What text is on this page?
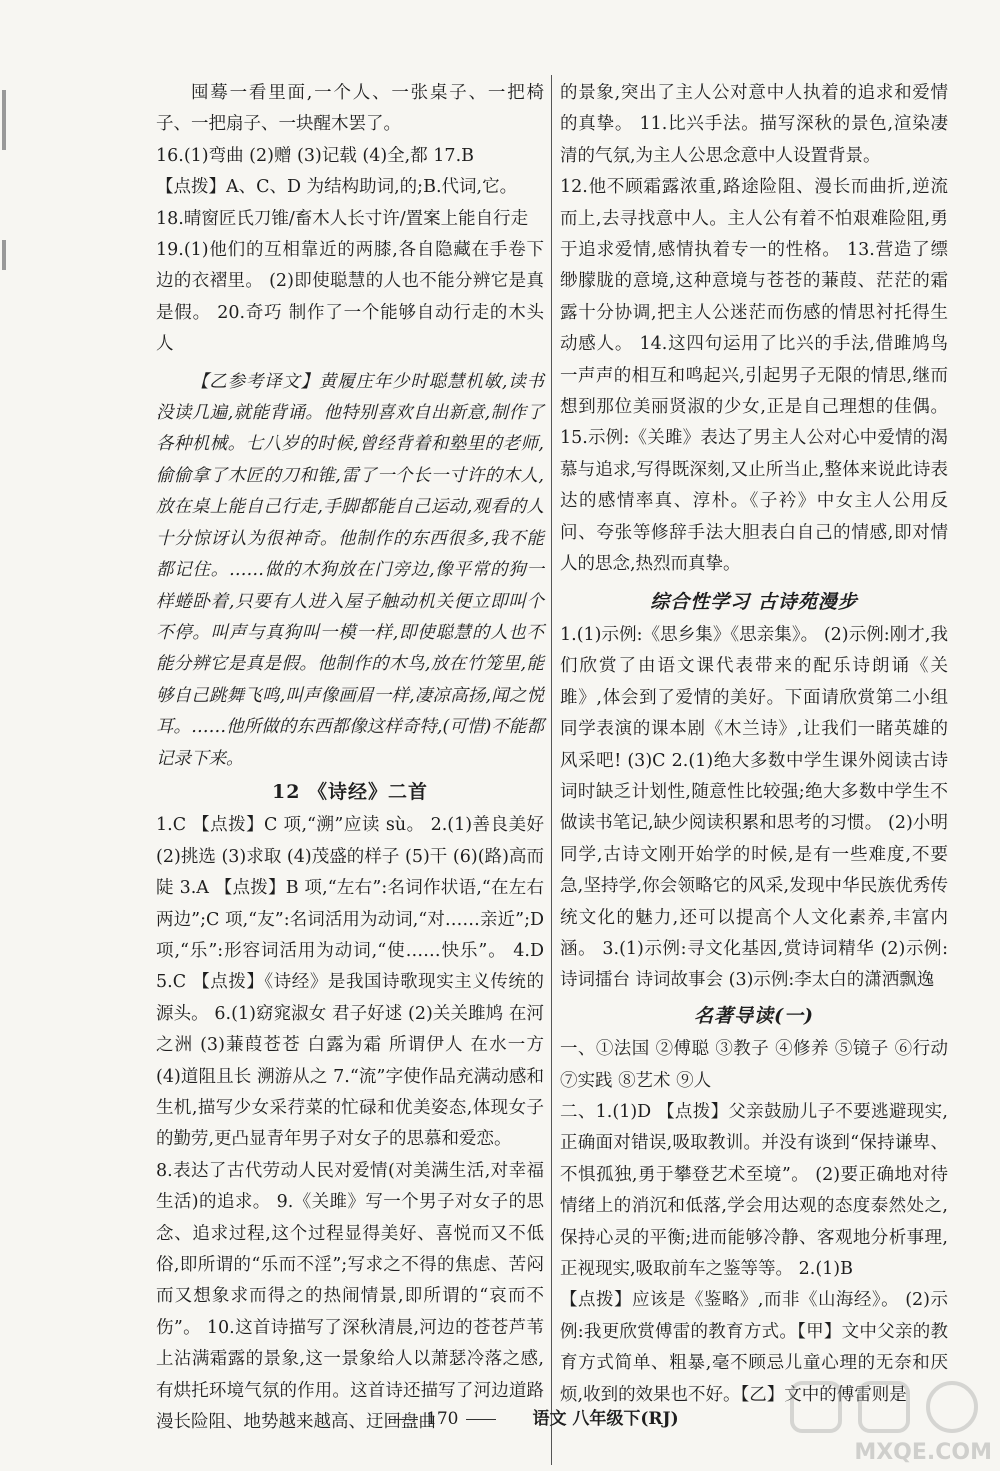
囤蓦一看里面,一个人、一张桌子、一把椅子、一把扇子、一块醒木罢了。

16.(1)弯曲 (2)赠 (3)记载 (4)全,都 17.B

【点拨】A、C、D 为结构助词,的;B.代词,它。

18.晴窗匠氏刀锥/畜木人长寸许/置案上能自行走

19.(1)他们的互相靠近的两膝,各自隐藏在手卷下边的衣褶里。 (2)即使聪慧的人也不能分辨它是真是假。 20.奇巧 制作了一个能够自动行走的木头人

【乙参考译文】黄履庄年少时聪慧机敏,读书没读几遍,就能背诵。他特别喜欢自出新意,制作了各种机械。七八岁的时候,曾经背着和塾里的老师,偷偷拿了木匠的刀和锥,雷了一个长一寸许的木人,放在桌上能自己行走,手脚都能自己运动,观看的人十分惊讶认为很神奇。他制作的东西很多,我不能都记住。……做的木狗放在门旁边,像平常的狗一样蜷卧着,只要有人进入屋子触动机关便立即叫个不停。叫声与真狗叫一模一样,即使聪慧的人也不能分辨它是真是假。他制作的木鸟,放在竹笼里,能够自己跳舞飞鸣,叫声像画眉一样,凄凉高扬,闻之悦耳。……他所做的东西都像这样奇特,(可惜)不能都记录下来。

12 《诗经》二首

1.C 【点拨】C 项,“溯”应读 sù。 2.(1)善良美好 (2)挑选 (3)求取 (4)茂盛的样子 (5)干 (6)(路)高而陡 3.A 【点拨】B 项,“左右”:名词作状语,“在左右两边”;C 项,“友”:名词活用为动词,“对……亲近”;D 项,“乐”:形容词活用为动词,“使……快乐”。 4.D 5.C 【点拨】《诗经》是我国诗歌现实主义传统的源头。 6.(1)窈窕淑女 君子好逑 (2)关关雎鸠 在河之洲 (3)蒹葭苍苍 白露为霜 所谓伊人 在水一方 (4)道阻且长 溯游从之 7.“流”字使作品充满动感和生机,描写少女采荇菜的忙碌和优美姿态,体现女子的勤劳,更凸显青年男子对女子的思慕和爱恋。

8.表达了古代劳动人民对爱情(对美满生活,对幸福生活)的追求。 9.《关雎》写一个男子对女子的思念、追求过程,这个过程显得美好、喜悦而又不低俗,即所谓的“乐而不淫”;写求之不得的焦虑、苦闷而又想象求而得之的热闹情景,即所谓的“哀而不伤”。 10.这首诗描写了深秋清晨,河边的苍苍芦苇上沾满霜露的景象,这一景象给人以萧瑟冷落之感,有烘托环境气氛的作用。这首诗还描写了河边道路漫长险阻、地势越来越高、迂回盘曲

的景象,突出了主人公对意中人执着的追求和爱情的真挚。 11.比兴手法。描写深秋的景色,渲染凄清的气氛,为主人公思念意中人设置背景。

12.他不顾霜露浓重,路途险阻、漫长而曲折,逆流而上,去寻找意中人。主人公有着不怕艰难险阻,勇于追求爱情,感情执着专一的性格。 13.营造了缥缈朦胧的意境,这种意境与苍苍的蒹葭、茫茫的霜露十分协调,把主人公迷茫而伤感的情思衬托得生动感人。 14.这四句运用了比兴的手法,借雎鸠鸟一声声的相互和鸣起兴,引起男子无限的情思,继而想到那位美丽贤淑的少女,正是自己理想的佳偶。 15.示例:《关雎》表达了男主人公对心中爱情的渴慕与追求,写得既深刻,又止所当止,整体来说此诗表达的感情率真、淳朴。《子衿》中女主人公用反问、夸张等修辞手法大胆表白自己的情感,即对情人的思念,热烈而真挚。

综合性学习 古诗苑漫步

1.(1)示例:《思乡集》《思亲集》。 (2)示例:刚才,我们欣赏了由语文课代表带来的配乐诗朗诵《关雎》,体会到了爱情的美好。下面请欣赏第二小组同学表演的课本剧《木兰诗》,让我们一睹英雄的风采吧! (3)C 2.(1)绝大多数中学生课外阅读古诗词时缺乏计划性,随意性比较强;绝大多数中学生不做读书笔记,缺少阅读积累和思考的习惯。 (2)小明同学,古诗文刚开始学的时候,是有一些难度,不要急,坚持学,你会领略它的风采,发现中华民族优秀传统文化的魅力,还可以提高个人文化素养,丰富内涵。 3.(1)示例:寻文化基因,赏诗词精华 (2)示例:诗词擂台 诗词故事会 (3)示例:李太白的潇洒飘逸

名著导读(一)

一、①法国 ②傅聪 ③教子 ④修养 ⑤镜子 ⑥行动 ⑦实践 ⑧艺术 ⑨人

二、1.(1)D 【点拨】父亲鼓励儿子不要逃避现实,正确面对错误,吸取教训。并没有谈到“保持谦卑、不惧孤独,勇于攀登艺术至境”。 (2)要正确地对待情绪上的消沉和低落,学会用达观的态度泰然处之,保持心灵的平衡;进而能够冷静、客观地分析事理,正视现实,吸取前车之鉴等等。 2.(1)B

【点拨】应该是《鉴略》,而非《山海经》。 (2)示例:我更欣赏傅雷的教育方式。【甲】文中父亲的教育方式简单、粗暴,毫不顾忌儿童心理的无奈和厌烦,收到的效果也不好。【乙】文中的傅雷则是

170	语文 八年级下(RJ)
MXQE.COM
